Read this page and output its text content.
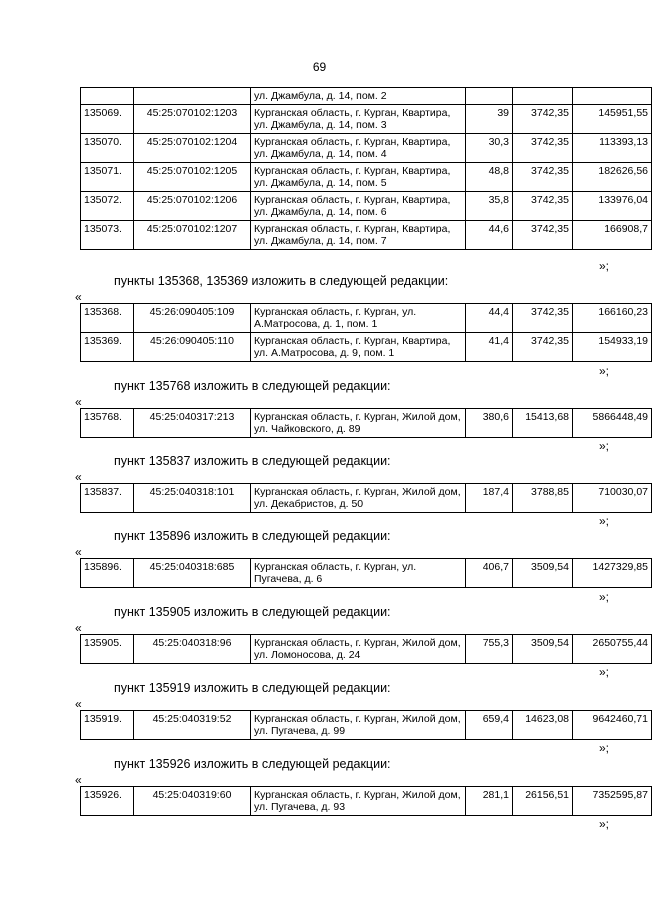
69
		ул. Джамбула, д. 14, пом. 2			
135069.	45:25:070102:1203	Курганская область, г. Курган, Квартира, ул. Джамбула, д. 14, пом. 3	39	3742,35	145951,55
135070.	45:25:070102:1204	Курганская область, г. Курган, Квартира, ул. Джамбула, д. 14, пом. 4	30,3	3742,35	113393,13
135071.	45:25:070102:1205	Курганская область, г. Курган, Квартира, ул. Джамбула, д. 14, пом. 5	48,8	3742,35	182626,56
135072.	45:25:070102:1206	Курганская область, г. Курган, Квартира, ул. Джамбула, д. 14, пом. 6	35,8	3742,35	133976,04
135073.	45:25:070102:1207	Курганская область, г. Курган, Квартира, ул. Джамбула, д. 14, пом. 7	44,6	3742,35	166908,7
»;
пункты 135368, 135369 изложить в следующей редакции:
«
135368.	45:26:090405:109	Курганская область, г. Курган, ул. А.Матросова, д. 1, пом. 1	44,4	3742,35	166160,23
135369.	45:26:090405:110	Курганская область, г. Курган, Квартира, ул. А.Матросова, д. 9, пом. 1	41,4	3742,35	154933,19
»;
пункт 135768 изложить в следующей редакции:
«
135768.	45:25:040317:213	Курганская область, г. Курган, Жилой дом, ул. Чайковского, д. 89	380,6	15413,68	5866448,49
»;
пункт 135837 изложить в следующей редакции:
«
135837.	45:25:040318:101	Курганская область, г. Курган, Жилой дом, ул. Декабристов, д. 50	187,4	3788,85	710030,07
»;
пункт 135896 изложить в следующей редакции:
«
135896.	45:25:040318:685	Курганская область, г. Курган, ул. Пугачева, д. 6	406,7	3509,54	1427329,85
»;
пункт 135905 изложить в следующей редакции:
«
135905.	45:25:040318:96	Курганская область, г. Курган, Жилой дом, ул. Ломоносова, д. 24	755,3	3509,54	2650755,44
»;
пункт 135919 изложить в следующей редакции:
«
135919.	45:25:040319:52	Курганская область, г. Курган, Жилой дом, ул. Пугачева, д. 99	659,4	14623,08	9642460,71
»;
пункт 135926 изложить в следующей редакции:
«
135926.	45:25:040319:60	Курганская область, г. Курган, Жилой дом, ул. Пугачева, д. 93	281,1	26156,51	7352595,87
»;
